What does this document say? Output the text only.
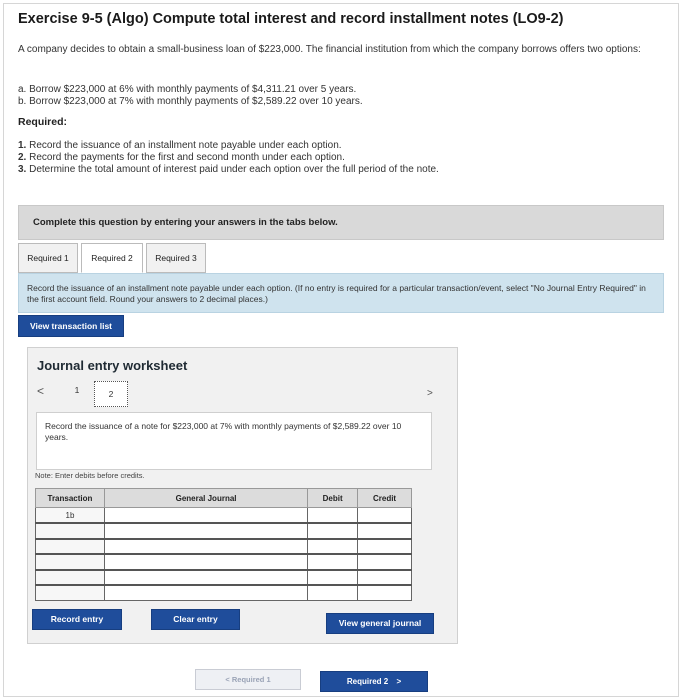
Exercise 9-5 (Algo) Compute total interest and record installment notes (LO9-2)

A company decides to obtain a small-business loan of $223,000. The financial institution from which the company borrows offers two options:

a. Borrow $223,000 at 6% with monthly payments of $4,311.21 over 5 years.
b. Borrow $223,000 at 7% with monthly payments of $2,589.22 over 10 years.
Required:
1. Record the issuance of an installment note payable under each option.
2. Record the payments for the first and second month under each option.
3. Determine the total amount of interest paid under each option over the full period of the note.
Complete this question by entering your answers in the tabs below.
Required 1	Required 2	Required 3
Record the issuance of an installment note payable under each option. (If no entry is required for a particular transaction/event, select "No Journal Entry Required" in the first account field. Round your answers to 2 decimal places.)
View transaction list
Journal entry worksheet
<	1	2	>
Record the issuance of a note for $223,000 at 7% with monthly payments of $2,589.22 over 10 years.
Note: Enter debits before credits.
Transaction	General Journal	Debit	Credit
1b			

Record entry	Clear entry	View general journal
< Required 1	Required 2 >
